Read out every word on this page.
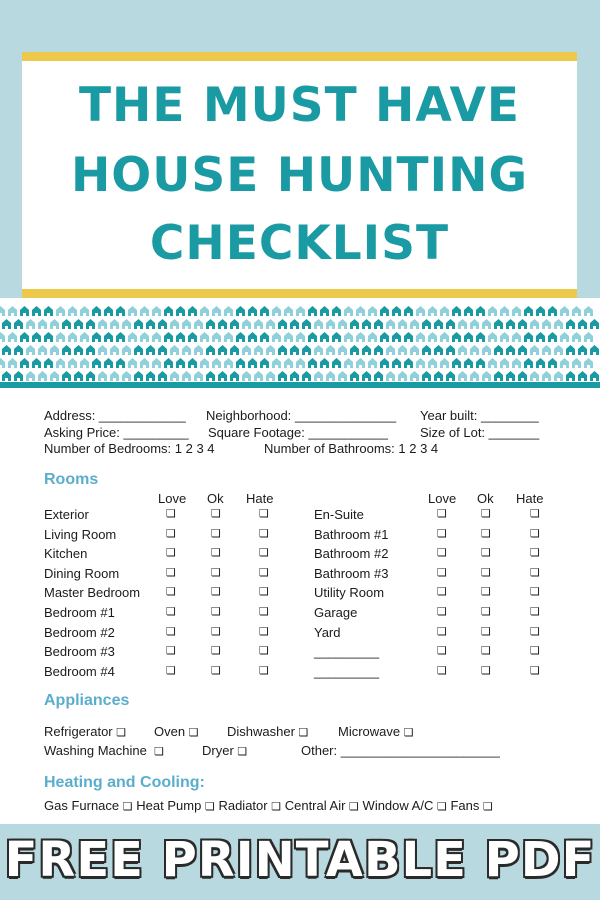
THE MUST HAVE
HOUSE HUNTING
CHECKLIST
Address: ____________ Neighborhood: ______________ Year built: ________
Asking Price: _________ Square Footage: ___________ Size of Lot: _______
Number of Bedrooms: 1 2 3 4	Number of Bathrooms: 1 2 3 4
Rooms
Appliances
Refrigerator ❏ Oven ❏ Dishwasher ❏ Microwave ❏
Washing Machine ❏	Dryer ❏	Other: ______________________
Heating and Cooling:
Gas Furnace ❏ Heat Pump ❏ Radiator ❏ Central Air ❏ Window A/C ❏ Fans ❏
Love Ok Hate
Exterior	❏	❏	❏
Living Room	❏	❏	❏
Kitchen	❏	❏	❏
Dining Room	❏	❏	❏
Master Bedroom ❏	❏	❏
Bedroom #1	❏	❏	❏
Bedroom #2	❏	❏	❏
Bedroom #3	❏	❏	❏
Bedroom #4	❏	❏	❏
Love Ok Hate
En-Suite	❏	❏	❏
Bathroom #1	❏	❏	❏
Bathroom #2	❏	❏	❏
Bathroom #3	❏	❏	❏
Utility Room	❏	❏	❏
Garage	❏	❏	❏
Yard	❏	❏	❏
_________	❏	❏	❏
_________	❏	❏	❏
FREE PRINTABLE PDF
